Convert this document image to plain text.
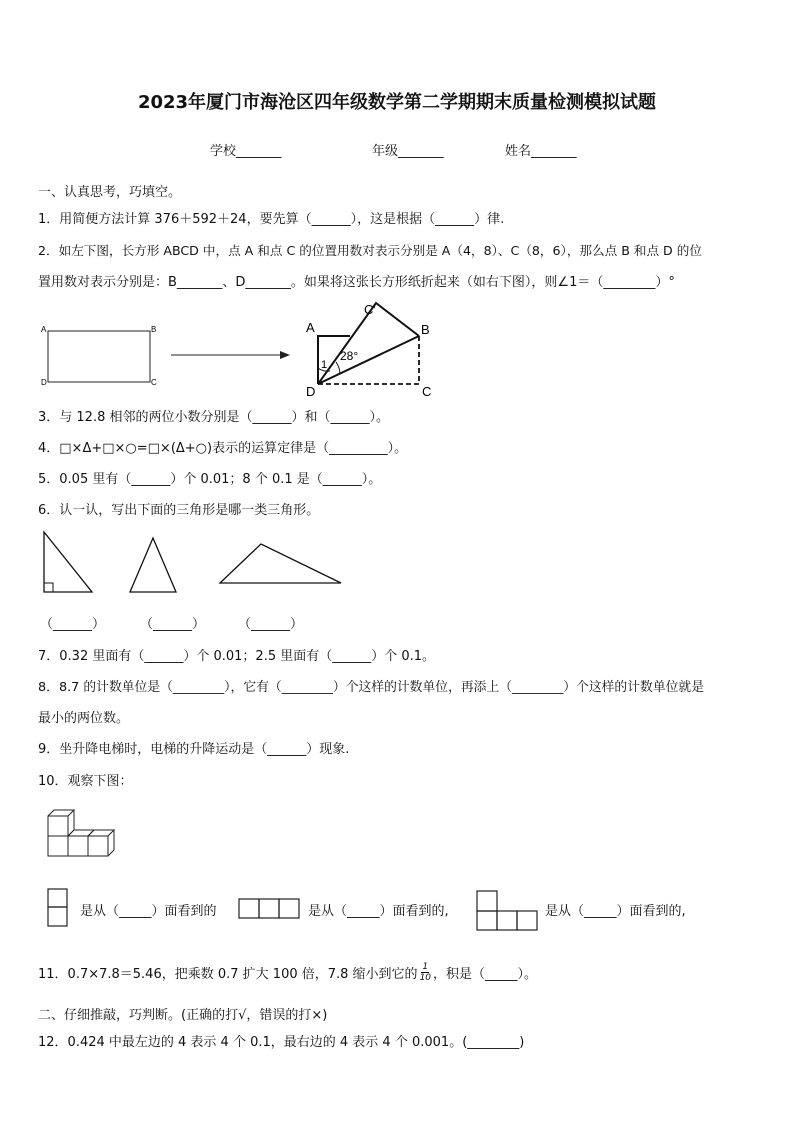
2023年厦门市海沧区四年级数学第二学期期末质量检测模拟试题
学校_______	年级_______	姓名_______
一、认真思考，巧填空。
1．用简便方法计算 376＋592＋24，要先算（______），这是根据（______）律.
2．如左下图，长方形 ABCD 中，点 A 和点 C 的位置用数对表示分别是 A（4，8）、C（8，6），那么点 B 和点 D 的位
置用数对表示分别是：B_______、D_______。如果将这张长方形纸折起来（如右下图），则∠1＝（________）°
A	B
D	C
A	B
C
D
C′
1
28°
3．与 12.8 相邻的两位小数分别是（______）和（______）。
4．□×Δ+□×○=□×(Δ+○)表示的运算定律是（_________）。
5．0.05 里有（______）个 0.01；8 个 0.1 是（______）。
6．认一认，写出下面的三角形是哪一类三角形。
（______）	（______）	（______）
7．0.32 里面有（______）个 0.01；2.5 里面有（______）个 0.1。
8．8.7 的计数单位是（________），它有（________）个这样的计数单位，再添上（________）个这样的计数单位就是
最小的两位数。
9．坐升降电梯时，电梯的升降运动是（______）现象.
10．观察下图：
是从（_____）面看到的	是从（_____）面看到的,	是从（_____）面看到的,
11．0.7×7.8＝5.46，把乘数 0.7 扩大 100 倍，7.8 缩小到它的 $\frac{1}{10}$ ，积是（_____）。
二、仔细推敲，巧判断。(正确的打√，错误的打×)
12．0.424 中最左边的 4 表示 4 个 0.1，最右边的 4 表示 4 个 0.001。(________)
